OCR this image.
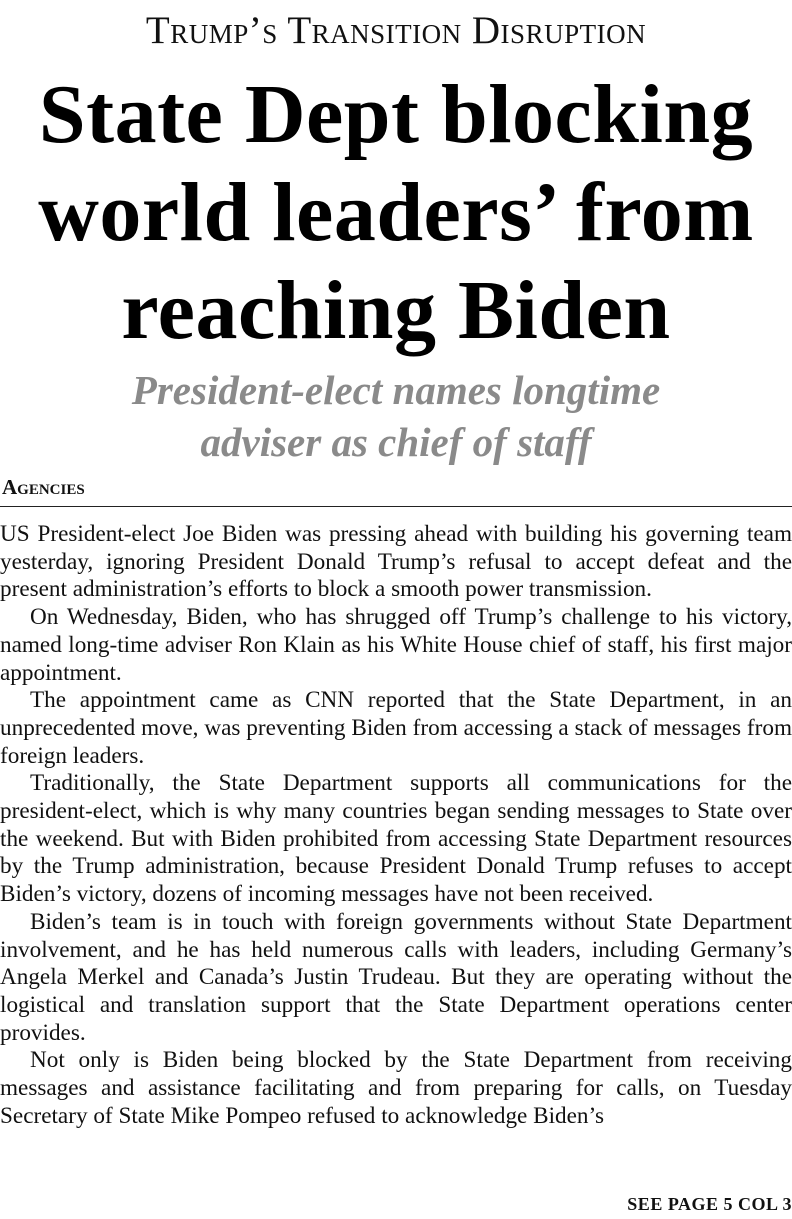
Trump’s Transition Disruption
State Dept blocking
world leaders’ from
reaching Biden
President-elect names longtime
adviser as chief of staff
Agencies

US President-elect Joe Biden was pressing ahead with building his governing team yesterday, ignoring President Donald Trump’s refusal to accept defeat and the present administration’s efforts to block a smooth power transmission.

On Wednesday, Biden, who has shrugged off Trump’s challenge to his victory, named long-time adviser Ron Klain as his White House chief of staff, his first major appointment.

The appointment came as CNN reported that the State Department, in an unprecedented move, was preventing Biden from accessing a stack of messages from foreign leaders.

Traditionally, the State Department supports all communications for the president-elect, which is why many countries began sending messages to State over the weekend. But with Biden prohibited from accessing State Department resources by the Trump administration, because President Donald Trump refuses to accept Biden’s victory, dozens of incoming messages have not been received.

Biden’s team is in touch with foreign governments without State Department involvement, and he has held numerous calls with leaders, including Germany’s Angela Merkel and Canada’s Justin Trudeau. But they are operating without the logistical and translation support that the State Department operations center provides.

Not only is Biden being blocked by the State Department from receiving messages and assistance facilitating and from preparing for calls, on Tuesday Secretary of State Mike Pompeo refused to acknowledge Biden’s

SEE PAGE 5 COL 3
